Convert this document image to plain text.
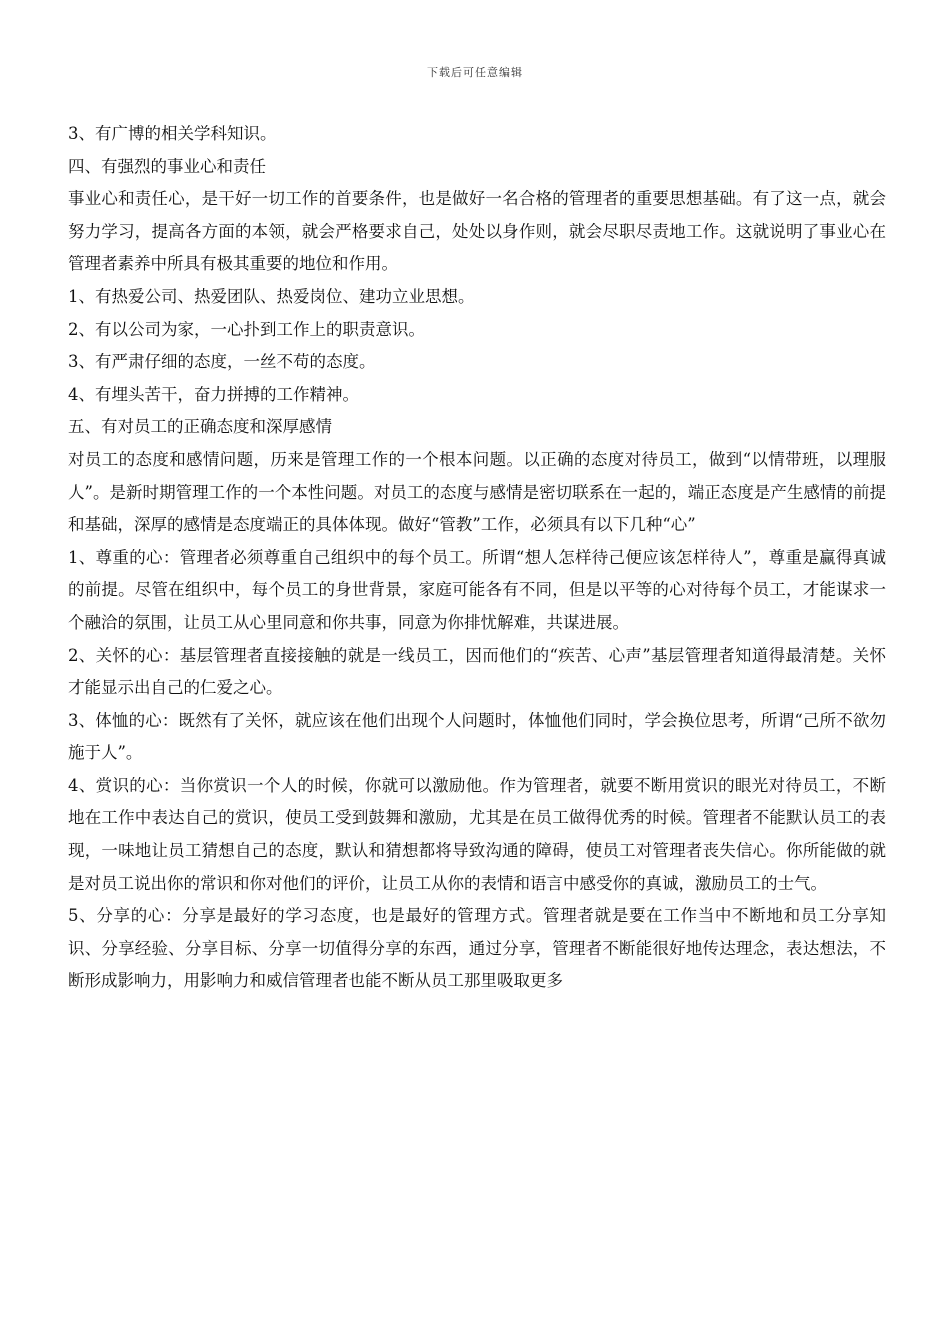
下载后可任意编辑

3、有广博的相关学科知识。

四、有强烈的事业心和责任

事业心和责任心，是干好一切工作的首要条件，也是做好一名合格的管理者的重要思想基础。有了这一点，就会努力学习，提高各方面的本领，就会严格要求自己，处处以身作则，就会尽职尽责地工作。这就说明了事业心在管理者素养中所具有极其重要的地位和作用。

1、有热爱公司、热爱团队、热爱岗位、建功立业思想。

2、有以公司为家，一心扑到工作上的职责意识。

3、有严肃仔细的态度，一丝不苟的态度。

4、有埋头苦干，奋力拼搏的工作精神。

五、有对员工的正确态度和深厚感情

对员工的态度和感情问题，历来是管理工作的一个根本问题。以正确的态度对待员工，做到“以情带班，以理服人”。是新时期管理工作的一个本性问题。对员工的态度与感情是密切联系在一起的，端正态度是产生感情的前提和基础，深厚的感情是态度端正的具体体现。做好“管教”工作，必须具有以下几种“心”

1、尊重的心：管理者必须尊重自己组织中的每个员工。所谓“想人怎样待己便应该怎样待人”，尊重是赢得真诚的前提。尽管在组织中，每个员工的身世背景，家庭可能各有不同，但是以平等的心对待每个员工，才能谋求一个融洽的氛围，让员工从心里同意和你共事，同意为你排忧解难，共谋进展。

2、关怀的心：基层管理者直接接触的就是一线员工，因而他们的“疾苦、心声”基层管理者知道得最清楚。关怀才能显示出自己的仁爱之心。

3、体恤的心：既然有了关怀，就应该在他们出现个人问题时，体恤他们同时，学会换位思考，所谓“己所不欲勿施于人”。

4、赏识的心：当你赏识一个人的时候，你就可以激励他。作为管理者，就要不断用赏识的眼光对待员工，不断地在工作中表达自己的赏识，使员工受到鼓舞和激励，尤其是在员工做得优秀的时候。管理者不能默认员工的表现，一味地让员工猜想自己的态度，默认和猜想都将导致沟通的障碍，使员工对管理者丧失信心。你所能做的就是对员工说出你的常识和你对他们的评价，让员工从你的表情和语言中感受你的真诚，激励员工的士气。

5、分享的心：分享是最好的学习态度，也是最好的管理方式。管理者就是要在工作当中不断地和员工分享知识、分享经验、分享目标、分享一切值得分享的东西，通过分享，管理者不断能很好地传达理念，表达想法，不断形成影响力，用影响力和威信管理者也能不断从员工那里吸取更多
